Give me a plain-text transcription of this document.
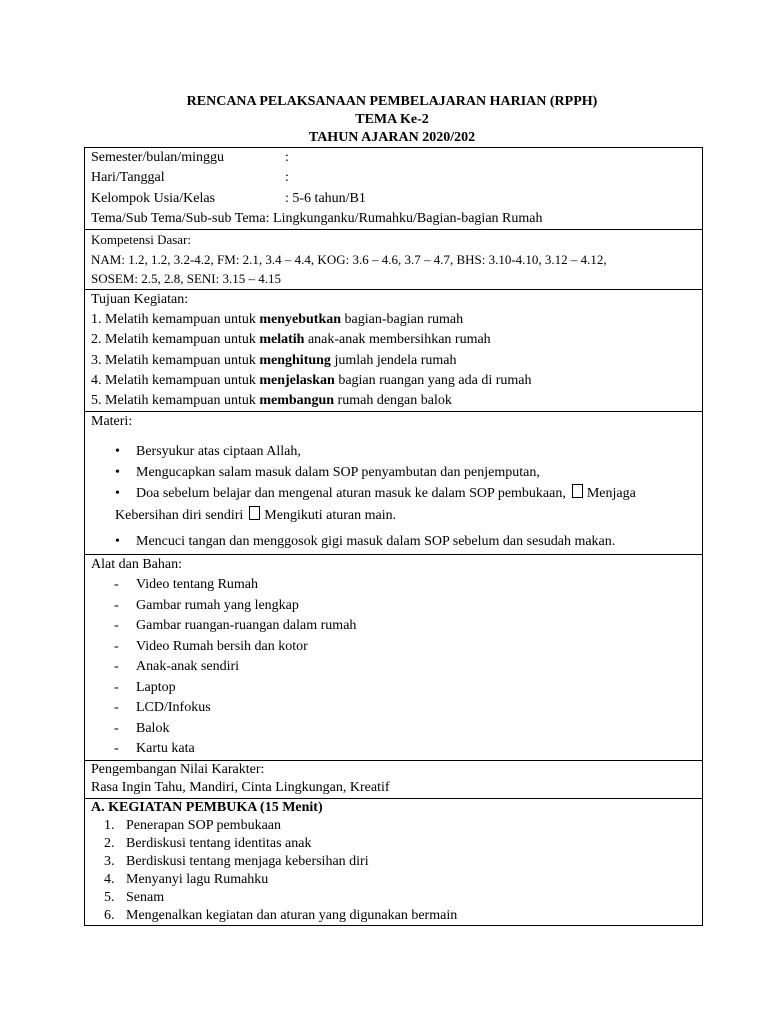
RENCANA PELAKSANAAN PEMBELAJARAN HARIAN (RPPH)
TEMA Ke-2
TAHUN AJARAN 2020/202
Semester/bulan/minggu	:
Hari/Tanggal	:
Kelompok Usia/Kelas	: 5-6 tahun/B1
Tema/Sub Tema/Sub-sub Tema: Lingkunganku/Rumahku/Bagian-bagian Rumah

Kompetensi Dasar:
NAM: 1.2, 1.2, 3.2-4.2, FM: 2.1, 3.4 – 4.4, KOG: 3.6 – 4.6, 3.7 – 4.7, BHS: 3.10-4.10, 3.12 – 4.12,
SOSEM: 2.5, 2.8, SENI: 3.15 – 4.15

Tujuan Kegiatan:
1. Melatih kemampuan untuk menyebutkan bagian-bagian rumah
2. Melatih kemampuan untuk melatih anak-anak membersihkan rumah
3. Melatih kemampuan untuk menghitung jumlah jendela rumah
4. Melatih kemampuan untuk menjelaskan bagian ruangan yang ada di rumah
5. Melatih kemampuan untuk membangun rumah dengan balok

Materi:
• Bersyukur atas ciptaan Allah,
• Mengucapkan salam masuk dalam SOP penyambutan dan penjemputan,
• Doa sebelum belajar dan mengenal aturan masuk ke dalam SOP pembukaan, Menjaga
Kebersihan diri sendiri Mengikuti aturan main.
• Mencuci tangan dan menggosok gigi masuk dalam SOP sebelum dan sesudah makan.

Alat dan Bahan:
- Video tentang Rumah
- Gambar rumah yang lengkap
- Gambar ruangan-ruangan dalam rumah
- Video Rumah bersih dan kotor
- Anak-anak sendiri
- Laptop
- LCD/Infokus
- Balok
- Kartu kata

Pengembangan Nilai Karakter:
Rasa Ingin Tahu, Mandiri, Cinta Lingkungan, Kreatif

A. KEGIATAN PEMBUKA (15 Menit)
1. Penerapan SOP pembukaan
2. Berdiskusi tentang identitas anak
3. Berdiskusi tentang menjaga kebersihan diri
4. Menyanyi lagu Rumahku
5. Senam
6. Mengenalkan kegiatan dan aturan yang digunakan bermain
